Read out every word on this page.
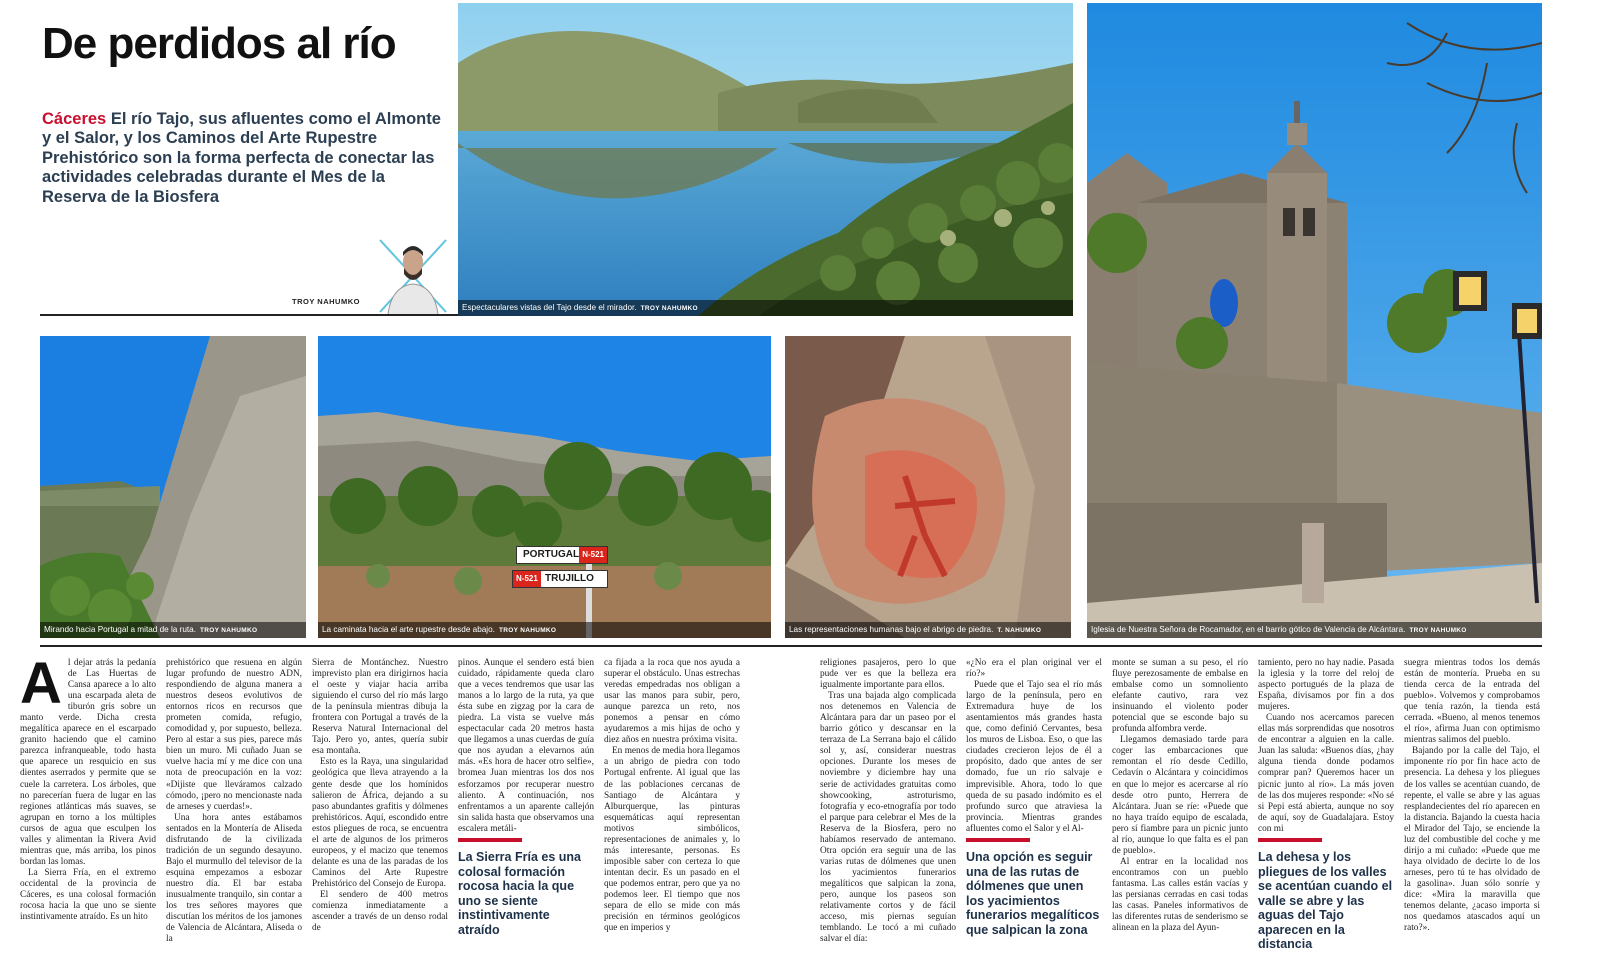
De perdidos al río
Cáceres El río Tajo, sus afluentes como el Almonte y el Salor, y los Caminos del Arte Rupestre Prehistórico son la forma perfecta de conectar las actividades celebradas durante el Mes de la Reserva de la Biosfera
TROY NAHUMKO
Espectaculares vistas del Tajo desde el mirador. TROY NAHUMKO
Iglesia de Nuestra Señora de Rocamador, en el barrio gótico de Valencia de Alcántara. TROY NAHUMKO
Mirando hacia Portugal a mitad de la ruta. TROY NAHUMKO
PORTUGAL N-521
N-521 TRUJILLO
La caminata hacia el arte rupestre desde abajo. TROY NAHUMKO	Las representaciones humanas bajo el abrigo de piedra. T. NAHUMKO
A l dejar atrás la pedanía de Las Huertas de Cansa aparece a lo alto una escarpada aleta de tiburón gris sobre un manto verde. Dicha cresta megalítica aparece en el escarpado granito haciendo que el camino parezca infranqueable, todo hasta que aparece un resquicio en sus dientes aserrados y permite que se cuele la carretera. Los árboles, que no parecerían fuera de lugar en las regiones atlánticas más suaves, se agrupan en torno a los múltiples cursos de agua que esculpen los valles y alimentan la Rivera Avid mientras que, más arriba, los pinos bordan las lomas.

La Sierra Fría, en el extremo occidental de la provincia de Cáceres, es una colosal formación rocosa hacia la que uno se siente instintivamente atraído. Es un hito

prehistórico que resuena en algún lugar profundo de nuestro ADN, respondiendo de alguna manera a nuestros deseos evolutivos de entornos ricos en recursos que prometen comida, refugio, comodidad y, por supuesto, belleza. Pero al estar a sus pies, parece más bien un muro. Mi cuñado Juan se vuelve hacia mí y me dice con una nota de preocupación en la voz: «Dijiste que lleváramos calzado cómodo, ¡pero no mencionaste nada de arneses y cuerdas!».

Una hora antes estábamos sentados en la Montería de Aliseda disfrutando de la civilizada tradición de un segundo desayuno. Bajo el murmullo del televisor de la esquina empezamos a esbozar nuestro día. El bar estaba inusualmente tranquilo, sin contar a los tres señores mayores que discutían los méritos de los jamones de Valencia de Alcántara, Aliseda o la

Sierra de Montánchez. Nuestro imprevisto plan era dirigirnos hacia el oeste y viajar hacia arriba siguiendo el curso del río más largo de la península mientras dibuja la frontera con Portugal a través de la Reserva Natural Internacional del Tajo. Pero yo, antes, quería subir esa montaña.

Esto es la Raya, una singularidad geológica que lleva atrayendo a la gente desde que los homínidos salieron de África, dejando a su paso abundantes grafitis y dólmenes prehistóricos. Aquí, escondido entre estos pliegues de roca, se encuentra el arte de algunos de los primeros europeos, y el macizo que tenemos delante es una de las paradas de los Caminos del Arte Rupestre Prehistórico del Consejo de Europa.

El sendero de 400 metros comienza inmediatamente a ascender a través de un denso rodal de

pinos. Aunque el sendero está bien cuidado, rápidamente queda claro que a veces tendremos que usar las manos a lo largo de la ruta, ya que ésta sube en zigzag por la cara de piedra. La vista se vuelve más espectacular cada 20 metros hasta que llegamos a unas cuerdas de guía que nos ayudan a elevarnos aún más. «Es hora de hacer otro selfie», bromea Juan mientras los dos nos esforzamos por recuperar nuestro aliento. A continuación, nos enfrentamos a un aparente callejón sin salida hasta que observamos una escalera metáli-

La Sierra Fría es una colosal formación rocosa hacia la que uno se siente instintivamente atraído

ca fijada a la roca que nos ayuda a superar el obstáculo. Unas estrechas veredas empedradas nos obligan a usar las manos para subir, pero, aunque parezca un reto, nos ponemos a pensar en cómo ayudaremos a mis hijas de ocho y diez años en nuestra próxima visita.

En menos de media hora llegamos a un abrigo de piedra con todo Portugal enfrente. Al igual que las de las poblaciones cercanas de Santiago de Alcántara y Alburquerque, las pinturas esquemáticas aquí representan motivos simbólicos, representaciones de animales y, lo más interesante, personas. Es imposible saber con certeza lo que intentan decir. Es un pasado en el que podemos entrar, pero que ya no podemos leer. El tiempo que nos separa de ello se mide con más precisión en términos geológicos que en imperios y

religiones pasajeros, pero lo que pude ver es que la belleza era igualmente importante para ellos.

Tras una bajada algo complicada nos detenemos en Valencia de Alcántara para dar un paseo por el barrio gótico y descansar en la terraza de La Serrana bajo el cálido sol y, así, considerar nuestras opciones. Durante los meses de noviembre y diciembre hay una serie de actividades gratuitas como showcooking, astroturismo, fotografía y eco-etnografía por todo el parque para celebrar el Mes de la Reserva de la Biosfera, pero no habíamos reservado de antemano. Otra opción era seguir una de las varias rutas de dólmenes que unen los yacimientos funerarios megalíticos que salpican la zona, pero, aunque los paseos son relativamente cortos y de fácil acceso, mis piernas seguían temblando. Le tocó a mi cuñado salvar el día:

«¿No era el plan original ver el río?»

Puede que el Tajo sea el río más largo de la península, pero en Extremadura huye de los asentamientos más grandes hasta que, como definió Cervantes, besa los muros de Lisboa. Eso, o que las ciudades crecieron lejos de él a propósito, dado que antes de ser domado, fue un río salvaje e imprevisible. Ahora, todo lo que queda de su pasado indómito es el profundo surco que atraviesa la provincia. Mientras grandes afluentes como el Salor y el Al-

Una opción es seguir una de las rutas de dólmenes que unen los yacimientos funerarios megalíticos que salpican la zona

monte se suman a su peso, el río fluye perezosamente de embalse en embalse como un somnoliento elefante cautivo, rara vez insinuando el violento poder potencial que se esconde bajo su profunda alfombra verde.

Llegamos demasiado tarde para coger las embarcaciones que remontan el río desde Cedillo, Cedavín o Alcántara y coincidimos en que lo mejor es acercarse al río desde otro punto, Herrera de Alcántara. Juan se ríe: «Puede que no haya traído equipo de escalada, pero sí fiambre para un picnic junto al río, aunque lo que falta es el pan de pueblo».

Al entrar en la localidad nos encontramos con un pueblo fantasma. Las calles están vacías y las persianas cerradas en casi todas las casas. Paneles informativos de las diferentes rutas de senderismo se alinean en la plaza del Ayun-

tamiento, pero no hay nadie. Pasada la iglesia y la torre del reloj de aspecto portugués de la plaza de España, divisamos por fin a dos mujeres.

Cuando nos acercamos parecen ellas más sorprendidas que nosotros de encontrar a alguien en la calle. Juan las saluda: «Buenos días, ¿hay alguna tienda donde podamos comprar pan? Queremos hacer un picnic junto al río». La más joven de las dos mujeres responde: «No sé si Pepi está abierta, aunque no soy de aquí, soy de Guadalajara. Estoy con mi

La dehesa y los pliegues de los valles se acentúan cuando el valle se abre y las aguas del Tajo aparecen en la distancia

suegra mientras todos los demás están de montería. Prueba en su tienda cerca de la entrada del pueblo». Volvemos y comprobamos que tenía razón, la tienda está cerrada. «Bueno, al menos tenemos el río», afirma Juan con optimismo mientras salimos del pueblo.

Bajando por la calle del Tajo, el imponente río por fin hace acto de presencia. La dehesa y los pliegues de los valles se acentúan cuando, de repente, el valle se abre y las aguas resplandecientes del río aparecen en la distancia. Bajando la cuesta hacia el Mirador del Tajo, se enciende la luz del combustible del coche y me dirijo a mi cuñado: «Puede que me haya olvidado de decirte lo de los arneses, pero tú te has olvidado de la gasolina». Juan sólo sonríe y dice: «Mira la maravilla que tenemos delante, ¿acaso importa si nos quedamos atascados aquí un rato?».
